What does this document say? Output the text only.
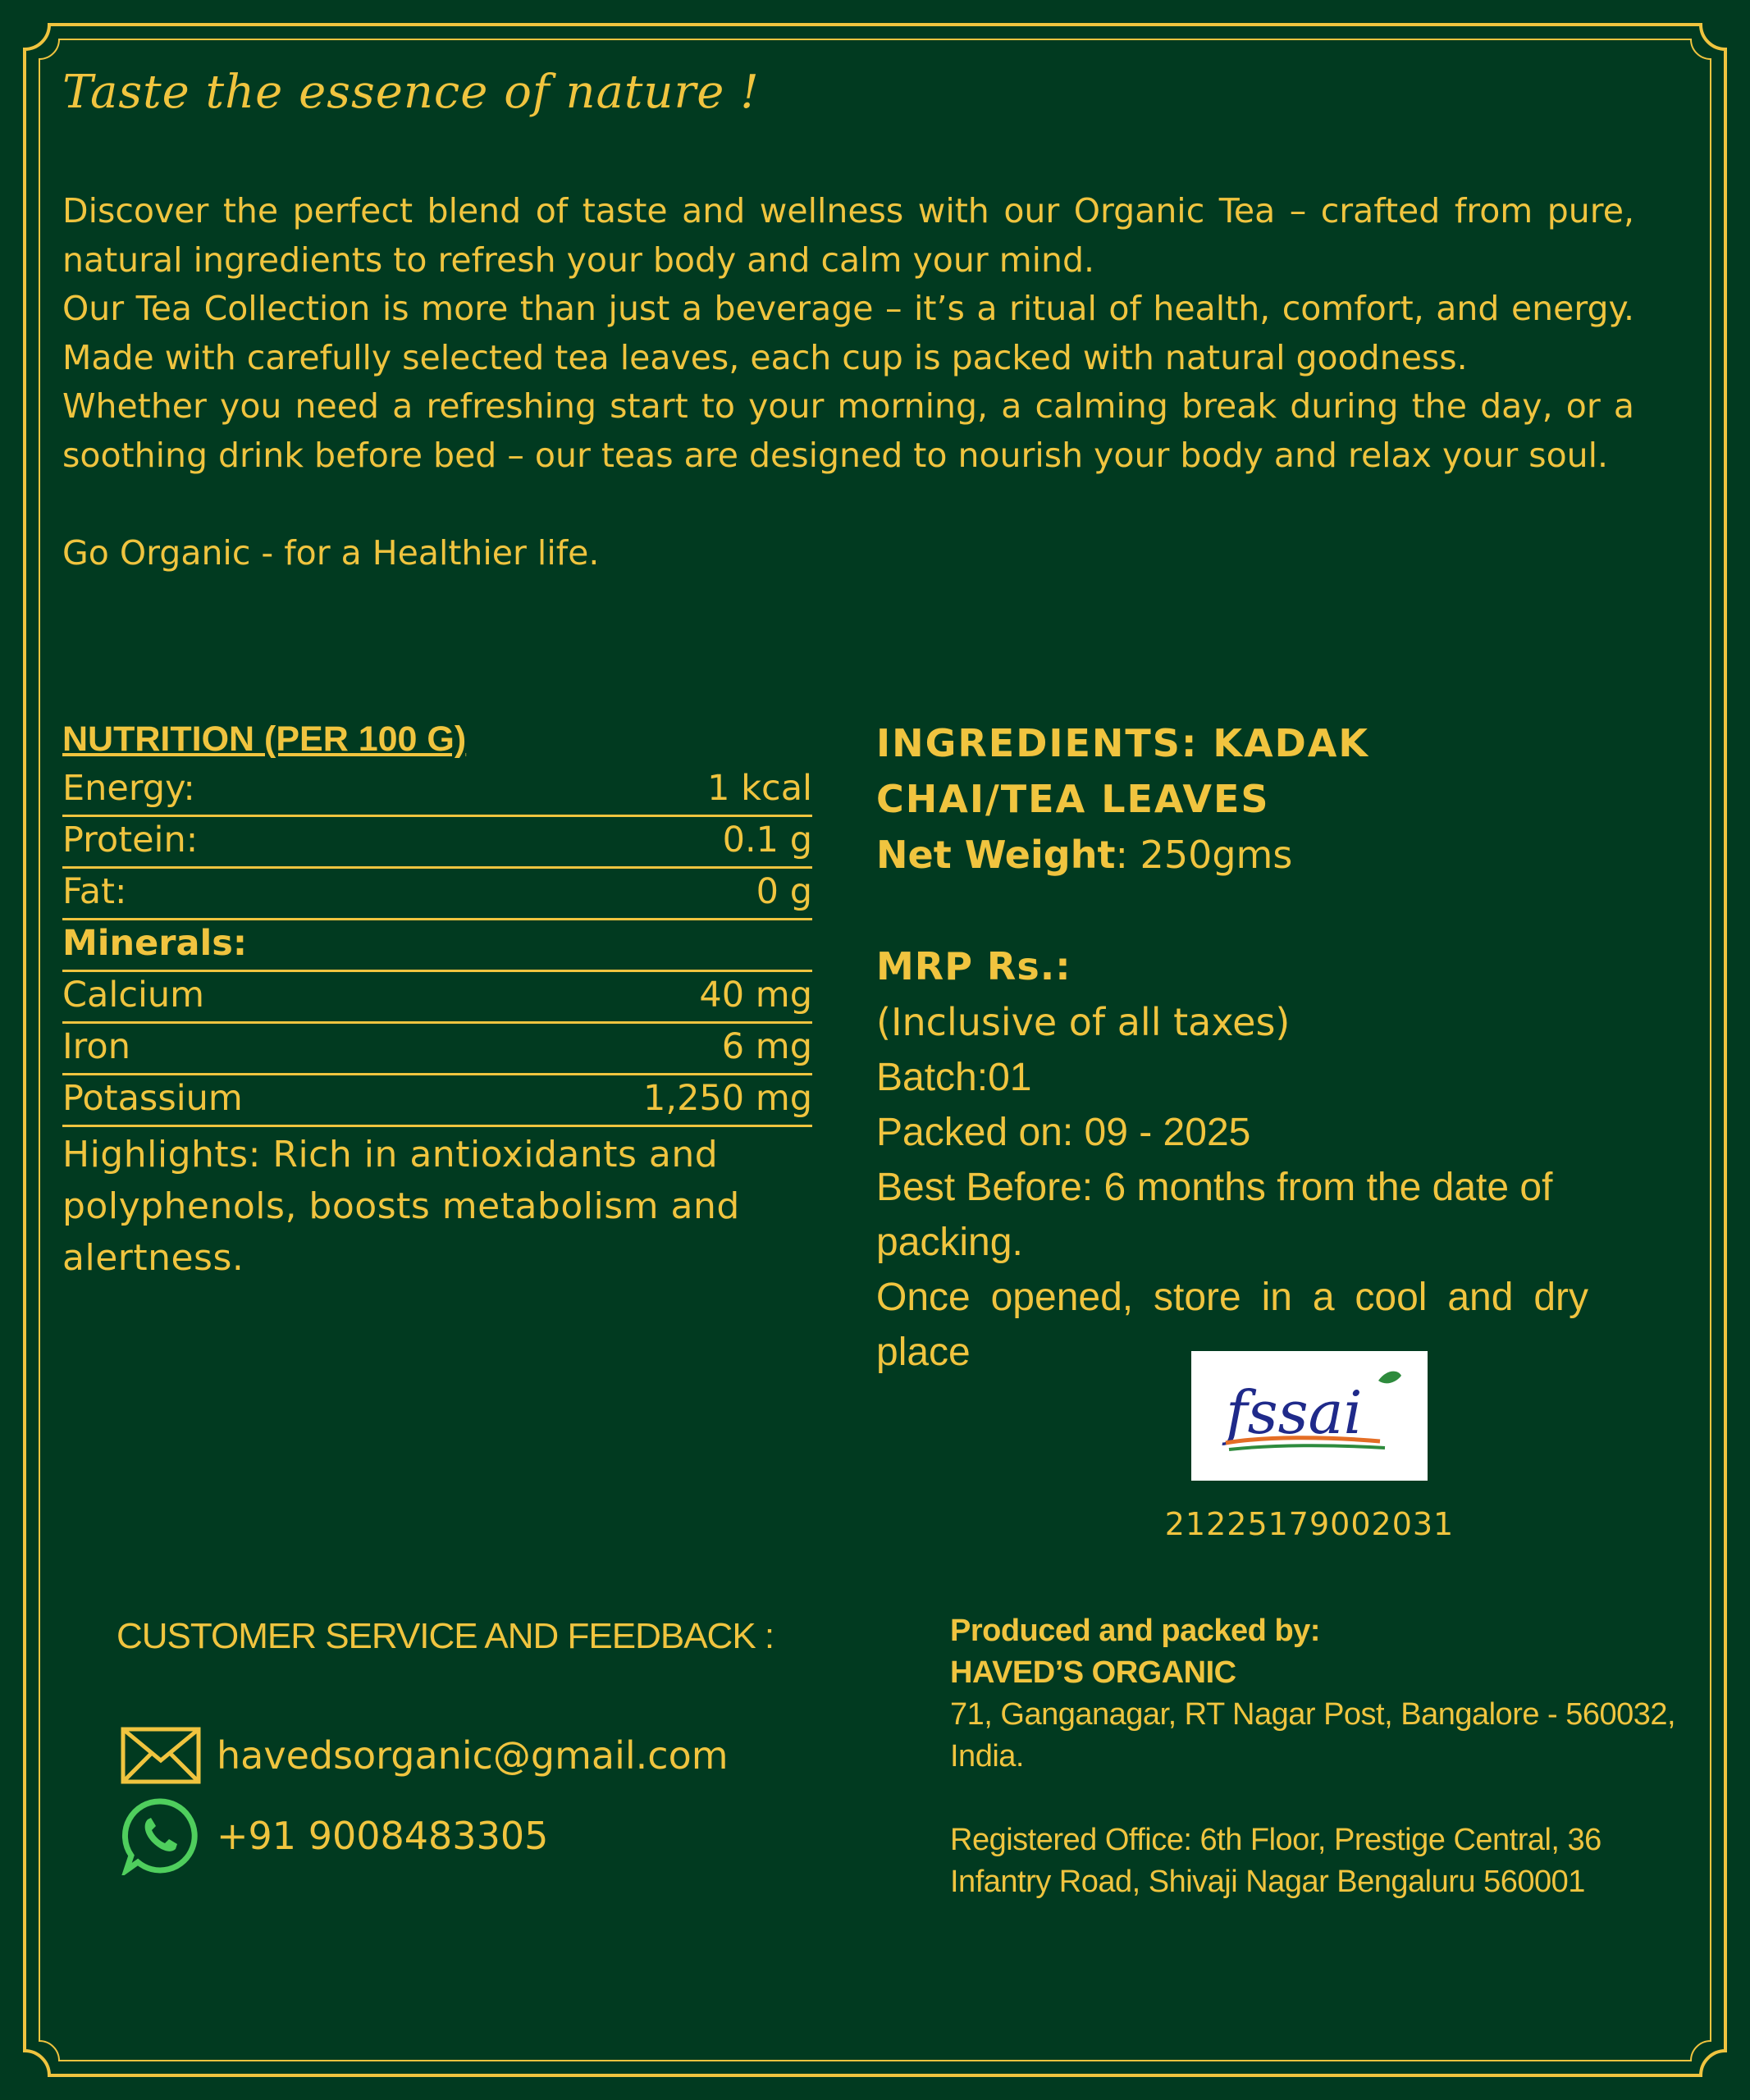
Taste the essence of nature !

Discover the perfect blend of taste and wellness with our Organic Tea – crafted from pure, natural ingredients to refresh your body and calm your mind.

Our Tea Collection is more than just a beverage – it’s a ritual of health, comfort, and energy. Made with carefully selected tea leaves, each cup is packed with natural goodness.

Whether you need a refreshing start to your morning, a calming break during the day, or a soothing drink before bed – our teas are designed to nourish your body and relax your soul.

Go Organic - for a Healthier life.

NUTRITION (PER 100 G)
Energy:	1 kcal
Protein:	0.1 g
Fat:	0 g
Minerals:
Calcium	40 mg
Iron	6 mg
Potassium	1,250 mg

Highlights: Rich in antioxidants and polyphenols, boosts metabolism and alertness.

INGREDIENTS: KADAK CHAI/TEA LEAVES

Net Weight: 250gms

MRP Rs.:

(Inclusive of all taxes)

Batch:01

Packed on: 09 - 2025

Best Before: 6 months from the date of packing.

Once opened, store in a cool and dry place

fssai
21225179002031
CUSTOMER SERVICE AND FEEDBACK :
havedsorganic@gmail.com
+91 9008483305

Produced and packed by:

HAVED’S ORGANIC

71, Ganganagar, RT Nagar Post, Bangalore - 560032, India.

Registered Office: 6th Floor, Prestige Central, 36 Infantry Road, Shivaji Nagar Bengaluru 560001
